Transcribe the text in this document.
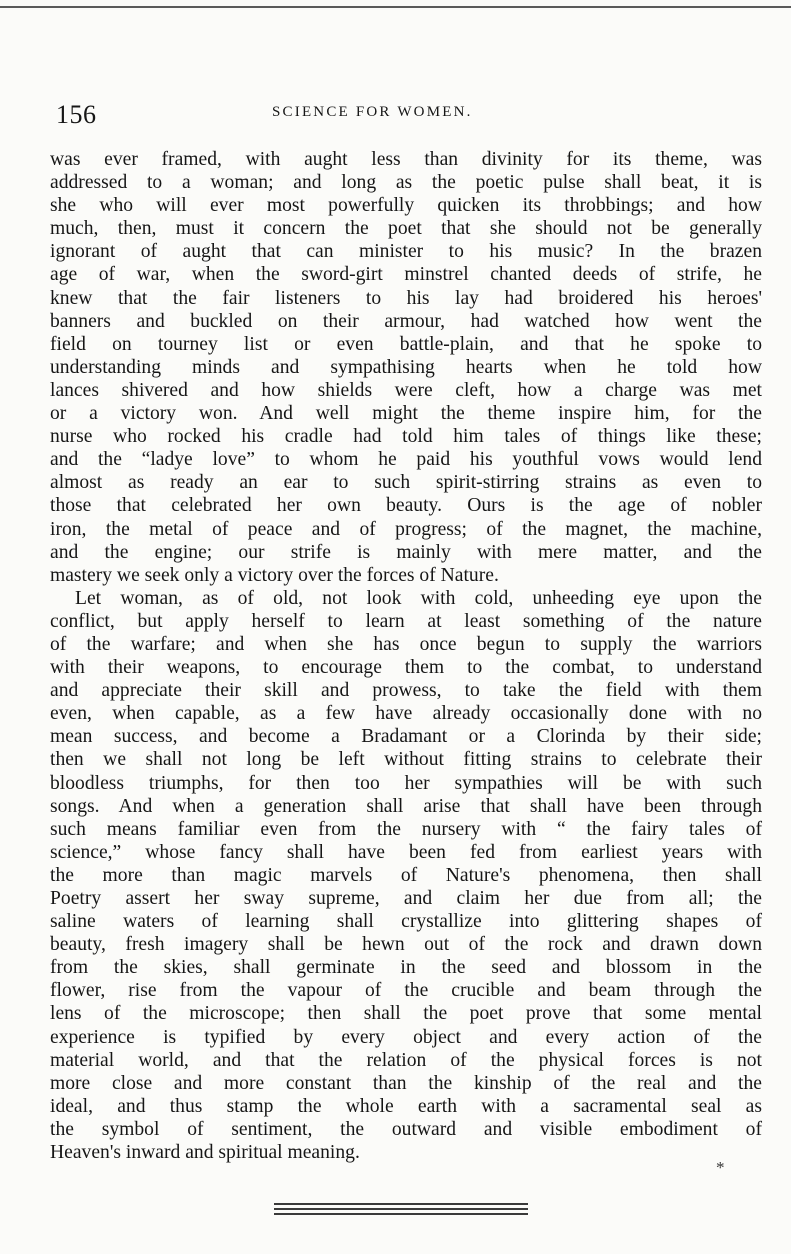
156	SCIENCE FOR WOMEN.
was ever framed, with aught less than divinity for its theme, was
addressed to a woman; and long as the poetic pulse shall beat, it is
she who will ever most powerfully quicken its throbbings; and how
much, then, must it concern the poet that she should not be generally
ignorant of aught that can minister to his music? In the brazen
age of war, when the sword-girt minstrel chanted deeds of strife, he
knew that the fair listeners to his lay had broidered his heroes'
banners and buckled on their armour, had watched how went the
field on tourney list or even battle-plain, and that he spoke to
understanding minds and sympathising hearts when he told how
lances shivered and how shields were cleft, how a charge was met
or a victory won. And well might the theme inspire him, for the
nurse who rocked his cradle had told him tales of things like these;
and the “ladye love” to whom he paid his youthful vows would lend
almost as ready an ear to such spirit-stirring strains as even to
those that celebrated her own beauty. Ours is the age of nobler
iron, the metal of peace and of progress; of the magnet, the machine,
and the engine; our strife is mainly with mere matter, and the
mastery we seek only a victory over the forces of Nature.
Let woman, as of old, not look with cold, unheeding eye upon the
conflict, but apply herself to learn at least something of the nature
of the warfare; and when she has once begun to supply the warriors
with their weapons, to encourage them to the combat, to understand
and appreciate their skill and prowess, to take the field with them
even, when capable, as a few have already occasionally done with no
mean success, and become a Bradamant or a Clorinda by their side;
then we shall not long be left without fitting strains to celebrate their
bloodless triumphs, for then too her sympathies will be with such
songs. And when a generation shall arise that shall have been through
such means familiar even from the nursery with “ the fairy tales of
science,” whose fancy shall have been fed from earliest years with
the more than magic marvels of Nature's phenomena, then shall
Poetry assert her sway supreme, and claim her due from all; the
saline waters of learning shall crystallize into glittering shapes of
beauty, fresh imagery shall be hewn out of the rock and drawn down
from the skies, shall germinate in the seed and blossom in the
flower, rise from the vapour of the crucible and beam through the
lens of the microscope; then shall the poet prove that some mental
experience is typified by every object and every action of the
material world, and that the relation of the physical forces is not
more close and more constant than the kinship of the real and the
ideal, and thus stamp the whole earth with a sacramental seal as
the symbol of sentiment, the outward and visible embodiment of
Heaven's inward and spiritual meaning.
*
